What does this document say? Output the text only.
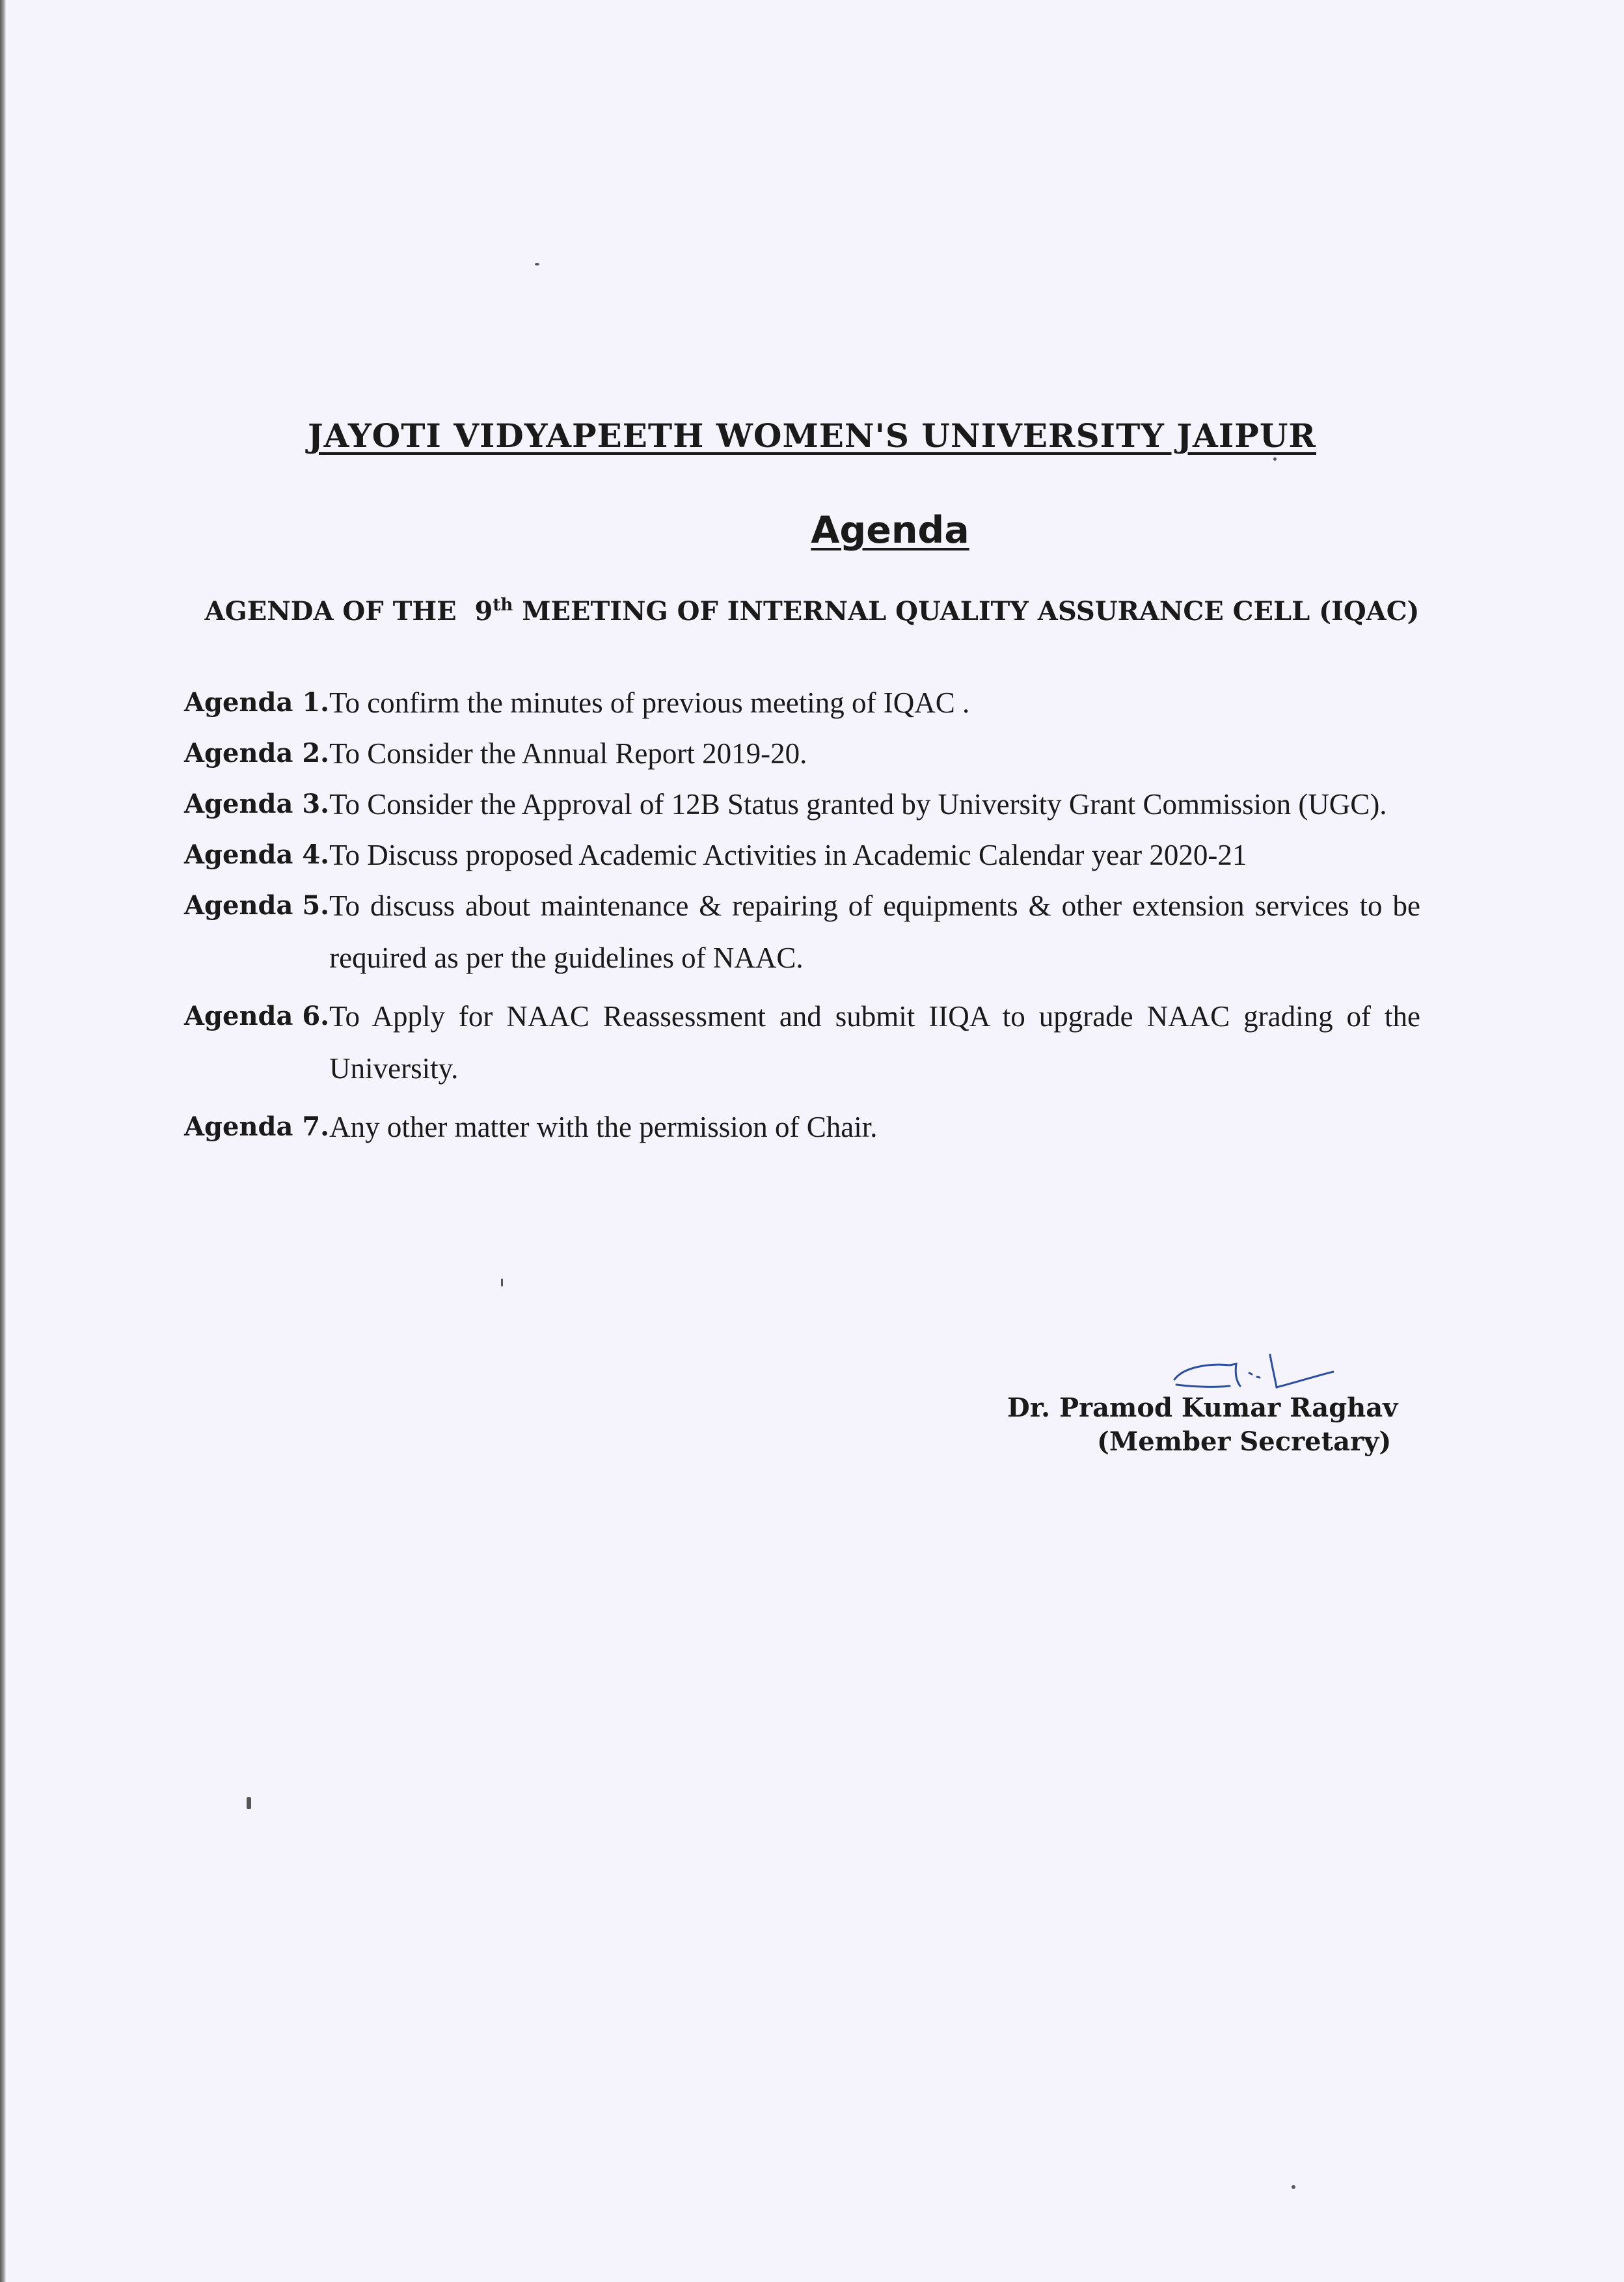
JAYOTI VIDYAPEETH WOMEN'S UNIVERSITY JAIPUR
Agenda
AGENDA OF THE 9th MEETING OF INTERNAL QUALITY ASSURANCE CELL (IQAC)
Agenda 1. To confirm the minutes of previous meeting of IQAC .
Agenda 2. To Consider the Annual Report 2019-20.
Agenda 3. To Consider the Approval of 12B Status granted by University Grant Commission (UGC).
Agenda 4. To Discuss proposed Academic Activities in Academic Calendar year 2020-21
Agenda 5. To discuss about maintenance & repairing of equipments & other extension services to be required as per the guidelines of NAAC.
Agenda 6. To Apply for NAAC Reassessment and submit IIQA to upgrade NAAC grading of the University.
Agenda 7. Any other matter with the permission of Chair.
Dr. Pramod Kumar Raghav
(Member Secretary)
